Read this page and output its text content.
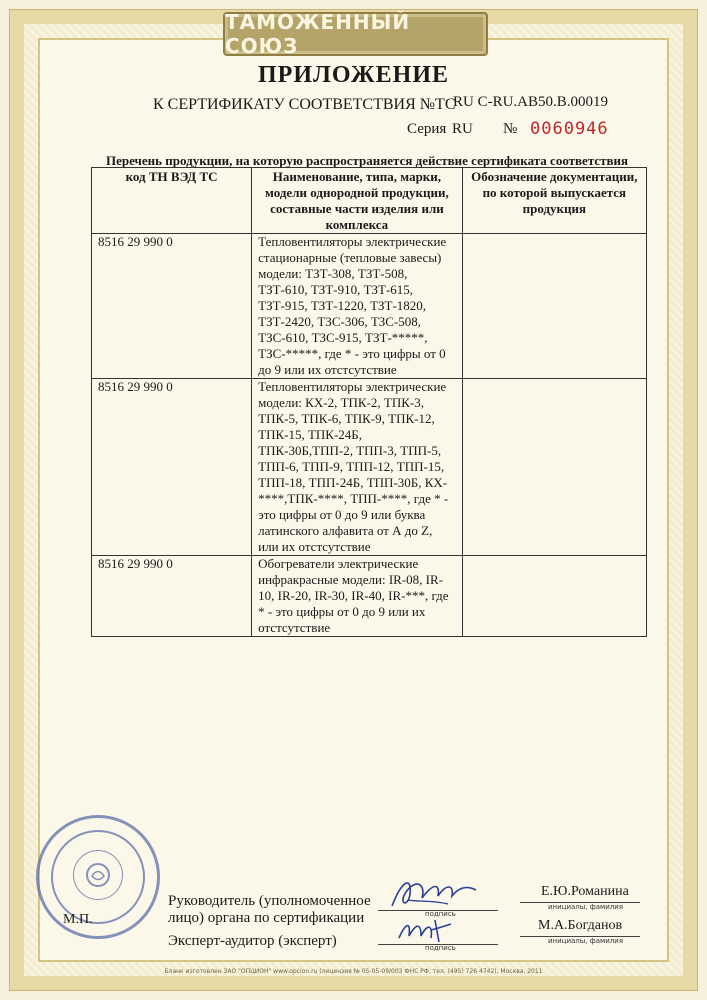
ТАМОЖЕННЫЙ СОЮЗ
ПРИЛОЖЕНИЕ
К СЕРТИФИКАТУ СООТВЕТСТВИЯ №ТС
RU C-RU.АВ50.В.00019
Серия RU № 0060946
Перечень продукции, на которую распространяется действие сертификата соответствия
код ТН ВЭД ТС	Наименование, типа, марки, модели однородной продукции, составные части изделия или комплекса	Обозначение документации, по которой выпускается продукция
8516 29 990 0	Тепловентиляторы электрические стационарные (тепловые завесы) модели: ТЗТ-308, ТЗТ-508, ТЗТ-610, ТЗТ-910, ТЗТ-615, ТЗТ-915, ТЗТ-1220, ТЗТ-1820, ТЗТ-2420, ТЗС-306, ТЗС-508, ТЗС-610, ТЗС-915, ТЗТ-*****, ТЗС-*****, где * - это цифры от 0 до 9 или их отстсутствие	
8516 29 990 0	Тепловентиляторы электрические модели: КХ-2, ТПК-2, ТПК-3, ТПК-5, ТПК-6, ТПК-9, ТПК-12, ТПК-15, ТПК-24Б, ТПК-30Б,ТПП-2, ТПП-3, ТПП-5, ТПП-6, ТПП-9, ТПП-12, ТПП-15, ТПП-18, ТПП-24Б, ТПП-30Б, КХ-****,ТПК-****, ТПП-****, где * - это цифры от 0 до 9 или буква латинского алфавита от А до Z, или их отстсутствие	
8516 29 990 0	Обогреватели электрические инфракрасные модели: IR-08, IR-10, IR-20, IR-30, IR-40, IR-***, где * - это цифры от 0 до 9 или их отстсутствие	
М.П.
Руководитель (уполномоченное
лицо) органа по сертификации
Эксперт-аудитор (эксперт)
подпись
подпись
Е.Ю.Романина
инициалы, фамилия
М.А.Богданов
инициалы, фамилия
Бланк изготовлен ЗАО "ОПЦИОН" www.opcion.ru (лицензия № 05-05-09/003 ФНС РФ, тел. (495) 726 4742), Москва, 2011
